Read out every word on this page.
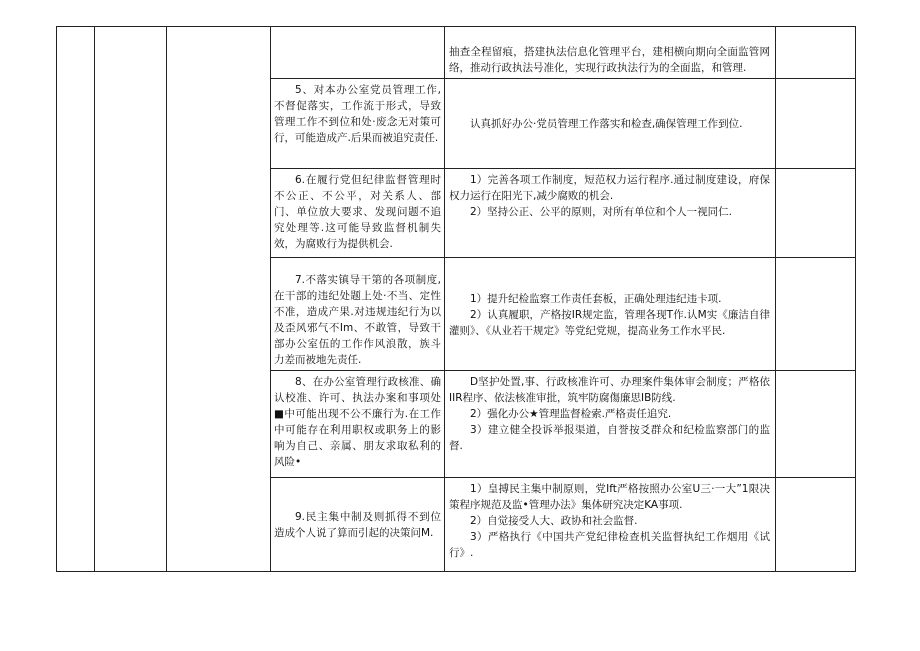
				抽查全程留痕，搭建执法信息化管理平台，建相横向期向全面监管网络，推动行政执法号准化，实现行政执法行为的全面监，和管理.	

			5、对本办公室党员管理工作,不督促落实，工作流于形式，导致管理工作不到位和处·废念无对策可行，可能造成产.后果而被追究责任.	认真抓好办公·党员管理工作落实和检查,确保管理工作到位.	

			6.在履行党但纪律监督管理时不公正、不公平，对关系人、部门、单位放大要求、发现问题不追究处理等.这可能导致监督机制失效，为腐败行为提供机会.	1）完善各项工作制度，短范权力运行程序.通过制度建设，府保权力运行在阳光下,减少腐败的机会.

2）坚持公正、公平的原则，对所有单位和个人一视同仁.	

			7.不落实镇导干第的各项制度,在干部的违纪处题上处·不当、定性不准，造成产果.对违规违纪行为以及歪风邪气不Im、不敢管，导致干部办公室伍的工作作风浪散，族斗力差而被地先责任.	1）提升纪检监察工作责任套板，正确处理违纪违卡项.

2）认真履职，产格按IR规定监，管理各现T作.认M实《廉洁自律灌则》、《从业若干规定》等党纪党规，提高业务工作水平民.	

			8、在办公室管理行政核准、确认校准、许可、执法办案和事项处■中可能出现不公不廉行为.在工作中可能存在利用职权或职务上的影响为自己、亲属、朋友求取私利的风险•	D坚护处置,事、行政核准许可、办理案件集体审会制度；严格依IIR程序、依法核准审批，筑牢防腐傷廉思IB防线.

2）强化办公★管理监督检索.严格责任追究.

3）建立健全投诉举报渠道，自誉按爻群众和纪检监察部门的监督.	

			9.民主集中制及则抓得不到位造成个人说了算而引起的决策问M.	1）皇搏民主集中制原则，党Ift严格按照办公室U三·一大”1限决策程序规范及监•管理办法》集体研究决定KA事项.

2）自觉接受人大、政协和社会监督.

3）严格执行《中国共产党纪律检查机关监督执纪工作烟用《试行》.	
